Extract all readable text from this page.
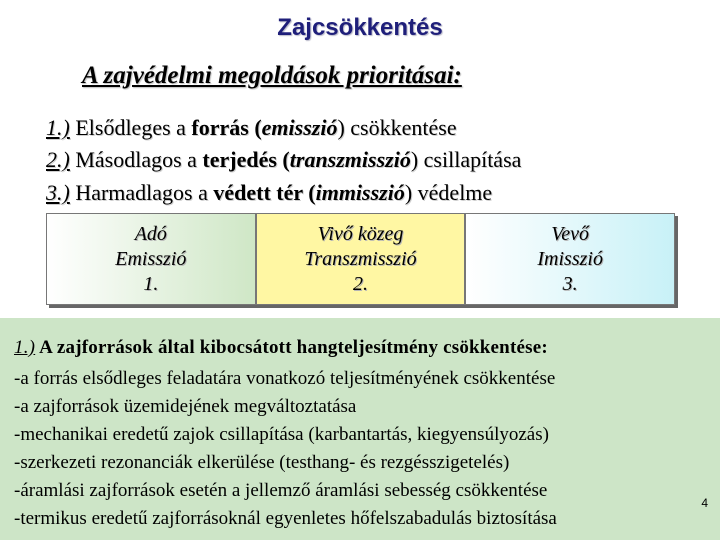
Zajcsökkentés
A zajvédelmi megoldások prioritásai:
1.) Elsődleges a forrás (emisszió) csökkentése
2.) Másodlagos a terjedés (transzmisszió) csillapítása
3.) Harmadlagos a védett tér (immisszió) védelme
Adó
Emisszió
1.
Vivő közeg
Transzmisszió
2.
Vevő
Imisszió
3.
1.) A zajforrások által kibocsátott hangteljesítmény csökkentése:
-a forrás elsődleges feladatára vonatkozó teljesítményének csökkentése
-a zajforrások üzemidejének megváltoztatása
-mechanikai eredetű zajok csillapítása (karbantartás, kiegyensúlyozás)
-szerkezeti rezonanciák elkerülése (testhang- és rezgésszigetelés)
-áramlási zajforrások esetén a jellemző áramlási sebesség csökkentése
-termikus eredetű zajforrásoknál egyenletes hőfelszabadulás biztosítása
4
